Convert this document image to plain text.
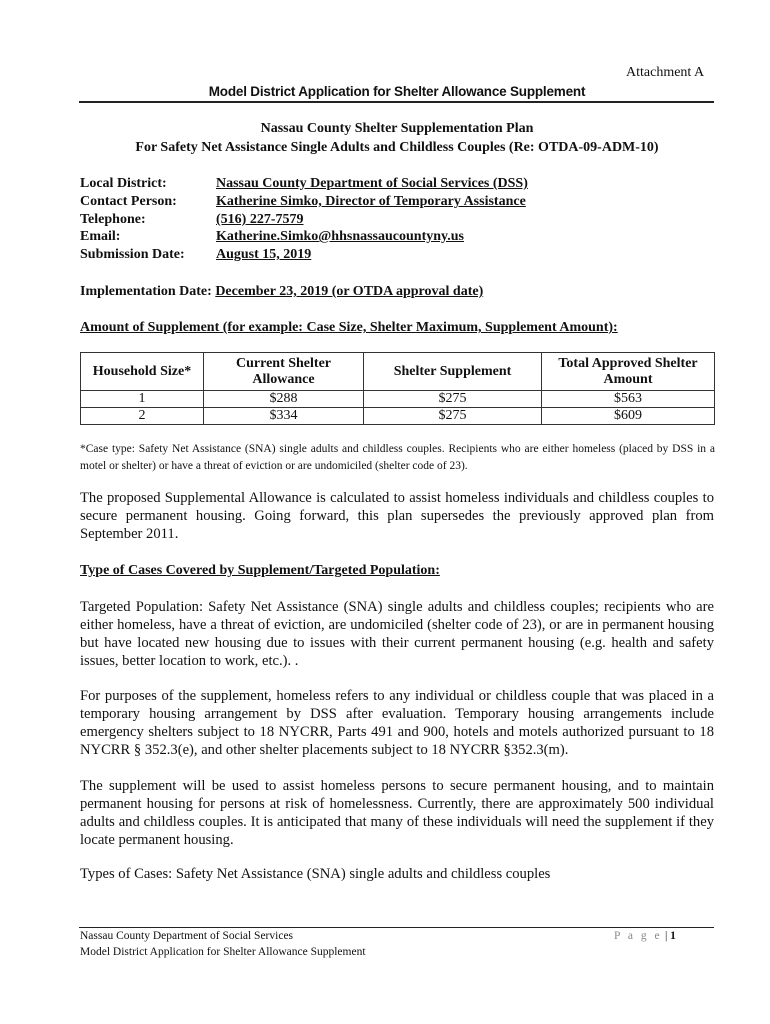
Attachment A
Model District Application for Shelter Allowance Supplement
Nassau County Shelter Supplementation Plan
For Safety Net Assistance Single Adults and Childless Couples (Re: OTDA-09-ADM-10)
Local District:	Nassau County Department of Social Services (DSS)
Contact Person:	Katherine Simko, Director of Temporary Assistance
Telephone:	(516) 227-7579
Email:	Katherine.Simko@hhsnassaucountyny.us
Submission Date:	August 15, 2019
Implementation Date: December 23, 2019 (or OTDA approval date)
Amount of Supplement (for example: Case Size, Shelter Maximum, Supplement Amount):
Household Size*	Current Shelter Allowance	Shelter Supplement	Total Approved Shelter Amount
1	$288	$275	$563
2	$334	$275	$609
*Case type: Safety Net Assistance (SNA) single adults and childless couples. Recipients who are either homeless (placed by DSS in a motel or shelter) or have a threat of eviction or are undomiciled (shelter code of 23).
The proposed Supplemental Allowance is calculated to assist homeless individuals and childless couples to secure permanent housing. Going forward, this plan supersedes the previously approved plan from September 2011.
Type of Cases Covered by Supplement/Targeted Population:
Targeted Population: Safety Net Assistance (SNA) single adults and childless couples; recipients who are either homeless, have a threat of eviction, are undomiciled (shelter code of 23), or are in permanent housing but have located new housing due to issues with their current permanent housing (e.g. health and safety issues, better location to work, etc.). .
For purposes of the supplement, homeless refers to any individual or childless couple that was placed in a temporary housing arrangement by DSS after evaluation. Temporary housing arrangements include emergency shelters subject to 18 NYCRR, Parts 491 and 900, hotels and motels authorized pursuant to 18 NYCRR § 352.3(e), and other shelter placements subject to 18 NYCRR §352.3(m).
The supplement will be used to assist homeless persons to secure permanent housing, and to maintain permanent housing for persons at risk of homelessness. Currently, there are approximately 500 individual adults and childless couples. It is anticipated that many of these individuals will need the supplement if they locate permanent housing.
Types of Cases: Safety Net Assistance (SNA) single adults and childless couples
Nassau County Department of Social Services
Model District Application for Shelter Allowance Supplement
P a g e | 1
